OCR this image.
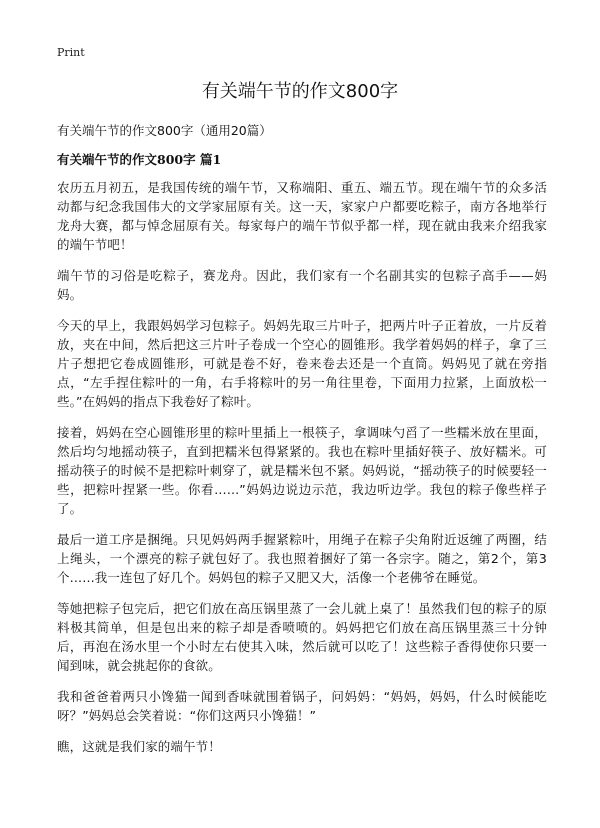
Print
有关端午节的作文800字
有关端午节的作文800字（通用20篇）
有关端午节的作文800字 篇1

农历五月初五，是我国传统的端午节，又称端阳、重五、端五节。现在端午节的众多活动都与纪念我国伟大的文学家屈原有关。这一天，家家户户都要吃粽子，南方各地举行龙舟大赛，都与悼念屈原有关。每家每户的端午节似乎都一样，现在就由我来介绍我家的端午节吧！

端午节的习俗是吃粽子，赛龙舟。因此，我们家有一个名副其实的包粽子高手——妈妈。

今天的早上，我跟妈妈学习包粽子。妈妈先取三片叶子，把两片叶子正着放，一片反着放，夹在中间，然后把这三片叶子卷成一个空心的圆锥形。我学着妈妈的样子，拿了三片子想把它卷成圆锥形，可就是卷不好，卷来卷去还是一个直筒。妈妈见了就在旁指点，“左手捏住粽叶的一角，右手将粽叶的另一角往里卷，下面用力拉紧，上面放松一些。”在妈妈的指点下我卷好了粽叶。

接着，妈妈在空心圆锥形里的粽叶里插上一根筷子，拿调味勺舀了一些糯米放在里面，然后均匀地摇动筷子，直到把糯米包得紧紧的。我也在粽叶里插好筷子、放好糯米。可摇动筷子的时候不是把粽叶刺穿了，就是糯米包不紧。妈妈说，“摇动筷子的时候要轻一些，把粽叶捏紧一些。你看……”妈妈边说边示范，我边听边学。我包的粽子像些样子了。

最后一道工序是捆绳。只见妈妈两手握紧粽叶，用绳子在粽子尖角附近返缠了两圈，结上绳头，一个漂亮的粽子就包好了。我也照着捆好了第一各宗字。随之，第2个，第3个……我一连包了好几个。妈妈包的粽子又肥又大，活像一个老佛爷在睡觉。

等她把粽子包完后，把它们放在高压锅里蒸了一会儿就上桌了！虽然我们包的粽子的原料极其简单，但是包出来的粽子却是香喷喷的。妈妈把它们放在高压锅里蒸三十分钟后，再泡在汤水里一个小时左右使其入味，然后就可以吃了！这些粽子香得使你只要一闻到味，就会挑起你的食欲。

我和爸爸着两只小馋猫一闻到香味就围着锅子，问妈妈：“妈妈，妈妈，什么时候能吃呀？”妈妈总会笑着说：“你们这两只小馋猫！”

瞧，这就是我们家的端午节！
